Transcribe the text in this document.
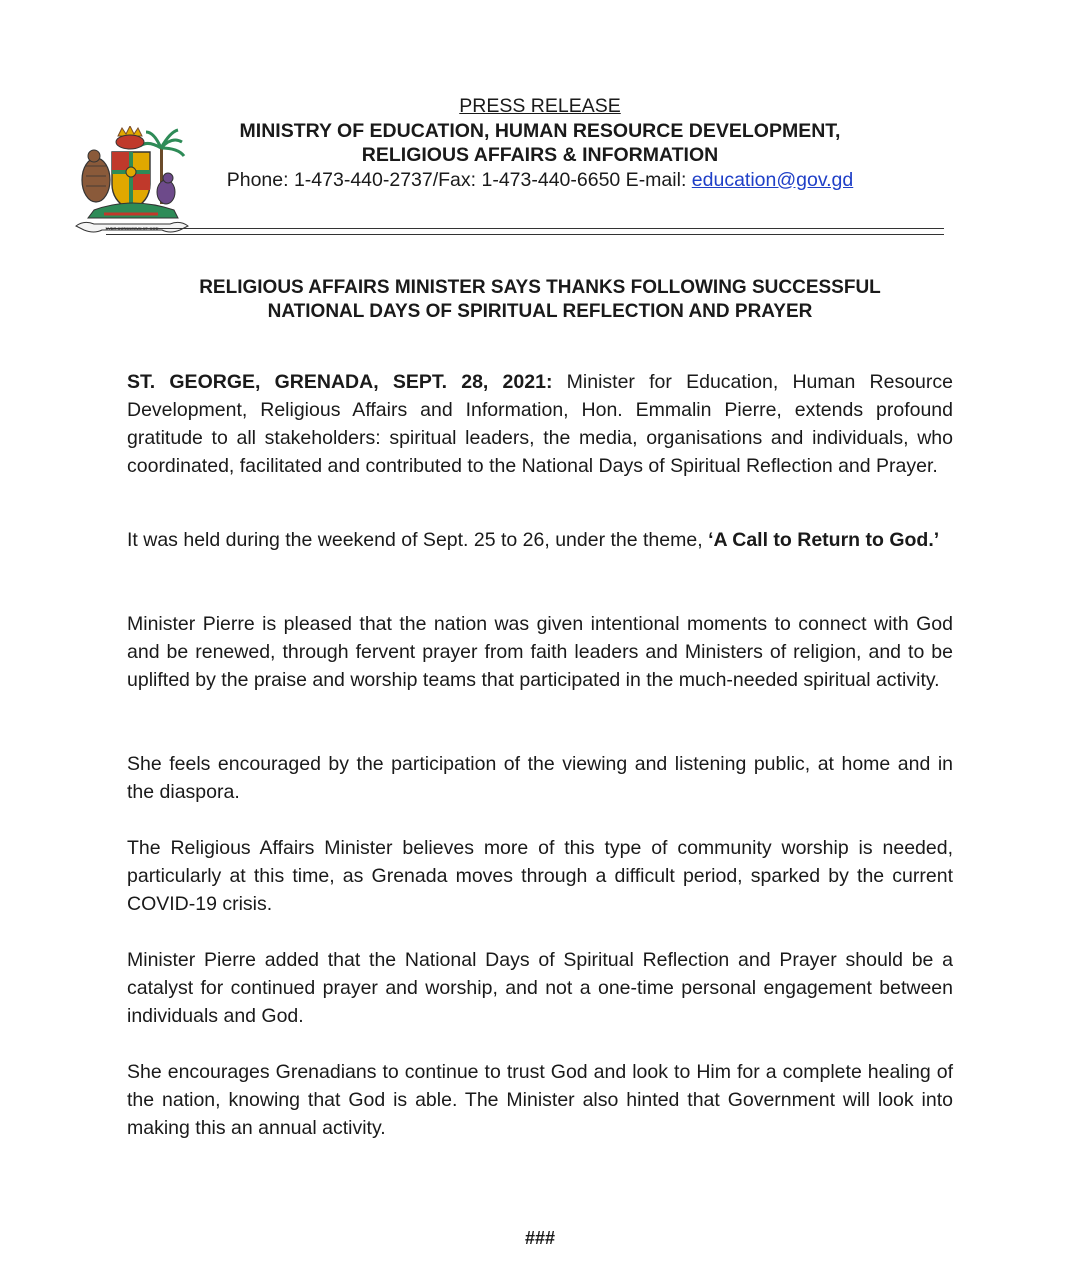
EVER CONSCIOUS OF GOD
PRESS RELEASE
MINISTRY OF EDUCATION, HUMAN RESOURCE DEVELOPMENT,
RELIGIOUS AFFAIRS & INFORMATION
Phone: 1-473-440-2737/Fax: 1-473-440-6650 E-mail: education@gov.gd
RELIGIOUS AFFAIRS MINISTER SAYS THANKS FOLLOWING SUCCESSFUL
NATIONAL DAYS OF SPIRITUAL REFLECTION AND PRAYER

ST. GEORGE, GRENADA, SEPT. 28, 2021: Minister for Education, Human Resource Development, Religious Affairs and Information, Hon. Emmalin Pierre, extends profound gratitude to all stakeholders: spiritual leaders, the media, organisations and individuals, who coordinated, facilitated and contributed to the National Days of Spiritual Reflection and Prayer.

It was held during the weekend of Sept. 25 to 26, under the theme, ‘A Call to Return to God.’

Minister Pierre is pleased that the nation was given intentional moments to connect with God and be renewed, through fervent prayer from faith leaders and Ministers of religion, and to be uplifted by the praise and worship teams that participated in the much-needed spiritual activity.

She feels encouraged by the participation of the viewing and listening public, at home and in the diaspora.

The Religious Affairs Minister believes more of this type of community worship is needed, particularly at this time, as Grenada moves through a difficult period, sparked by the current COVID-19 crisis.

Minister Pierre added that the National Days of Spiritual Reflection and Prayer should be a catalyst for continued prayer and worship, and not a one-time personal engagement between individuals and God.

She encourages Grenadians to continue to trust God and look to Him for a complete healing of the nation, knowing that God is able. The Minister also hinted that Government will look into making this an annual activity.

###
